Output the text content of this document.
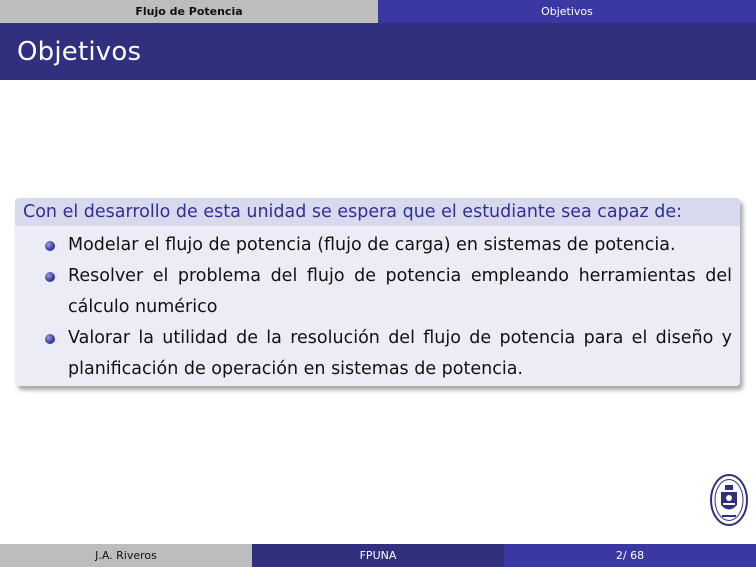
Flujo de Potencia	Objetivos
Objetivos
Con el desarrollo de esta unidad se espera que el estudiante sea capaz de:
Modelar el flujo de potencia (flujo de carga) en sistemas de potencia.
Resolver el problema del flujo de potencia empleando herramientas del cálculo numérico
Valorar la utilidad de la resolución del flujo de potencia para el diseño y planificación de operación en sistemas de potencia.
J.A. Riveros	FPUNA	2/ 68
